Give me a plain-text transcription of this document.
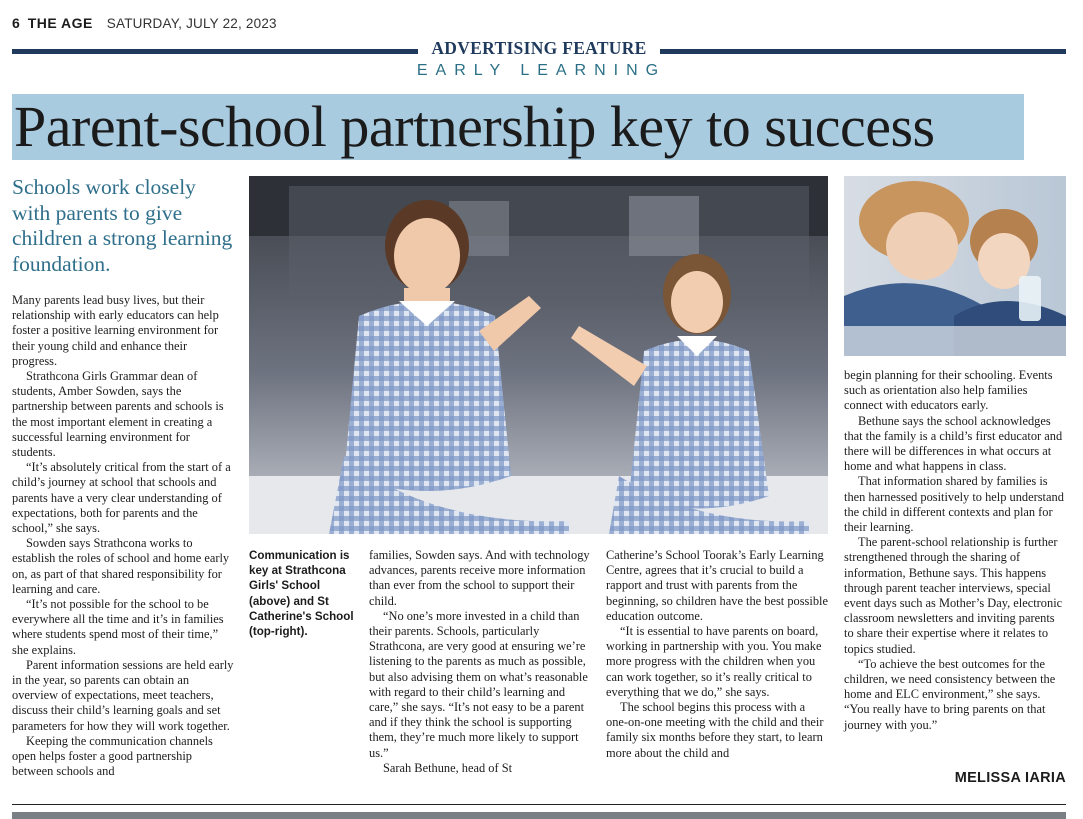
6 THE AGE SATURDAY, JULY 22, 2023
ADVERTISING FEATURE
EARLY LEARNING
Parent-school partnership key to success
Schools work closely with parents to give children a strong learning foundation.
Communication is key at Strathcona Girls' School (above) and St Catherine's School (top-right).

Many parents lead busy lives, but their relationship with early educators can help foster a positive learning environment for their young child and enhance their progress.

Strathcona Girls Grammar dean of students, Amber Sowden, says the partnership between parents and schools is the most important element in creating a successful learning environment for students.

“It’s absolutely critical from the start of a child’s journey at school that schools and parents have a very clear understanding of expectations, both for parents and the school,” she says.

Sowden says Strathcona works to establish the roles of school and home early on, as part of that shared responsibility for learning and care.

“It’s not possible for the school to be everywhere all the time and it’s in families where students spend most of their time,” she explains.

Parent information sessions are held early in the year, so parents can obtain an overview of expectations, meet teachers, discuss their child’s learning goals and set parameters for how they will work together.

Keeping the communication channels open helps foster a good partnership between schools and

families, Sowden says. And with technology advances, parents receive more information than ever from the school to support their child.

“No one’s more invested in a child than their parents. Schools, particularly Strathcona, are very good at ensuring we’re listening to the parents as much as possible, but also advising them on what’s reasonable with regard to their child’s learning and care,” she says. “It’s not easy to be a parent and if they think the school is supporting them, they’re much more likely to support us.”

Sarah Bethune, head of St

Catherine’s School Toorak’s Early Learning Centre, agrees that it’s crucial to build a rapport and trust with parents from the beginning, so children have the best possible education outcome.

“It is essential to have parents on board, working in partnership with you. You make more progress with the children when you can work together, so it’s really critical to everything that we do,” she says.

The school begins this process with a one-on-one meeting with the child and their family six months before they start, to learn more about the child and

begin planning for their schooling. Events such as orientation also help families connect with educators early.

Bethune says the school acknowledges that the family is a child’s first educator and there will be differences in what occurs at home and what happens in class.

That information shared by families is then harnessed positively to help understand the child in different contexts and plan for their learning.

The parent-school relationship is further strengthened through the sharing of information, Bethune says. This happens through parent teacher interviews, special event days such as Mother’s Day, electronic classroom newsletters and inviting parents to share their expertise where it relates to topics studied.

“To achieve the best outcomes for the children, we need consistency between the home and ELC environment,” she says. “You really have to bring parents on that journey with you.”

MELISSA IARIA
